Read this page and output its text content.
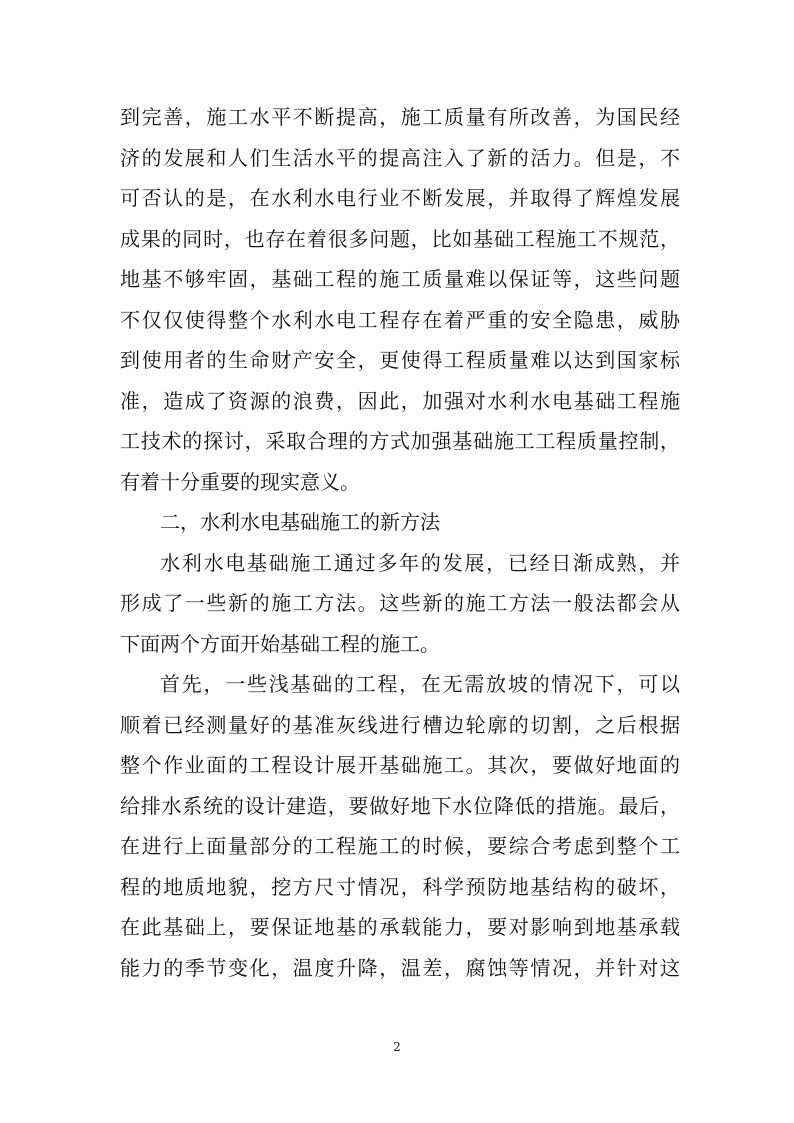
到完善，施工水平不断提高，施工质量有所改善，为国民经
济的发展和人们生活水平的提高注入了新的活力。但是，不
可否认的是，在水利水电行业不断发展，并取得了辉煌发展
成果的同时，也存在着很多问题，比如基础工程施工不规范，
地基不够牢固，基础工程的施工质量难以保证等，这些问题
不仅仅使得整个水利水电工程存在着严重的安全隐患，威胁
到使用者的生命财产安全，更使得工程质量难以达到国家标
准，造成了资源的浪费，因此，加强对水利水电基础工程施
工技术的探讨，采取合理的方式加强基础施工工程质量控制，
有着十分重要的现实意义。
二，水利水电基础施工的新方法
水利水电基础施工通过多年的发展，已经日渐成熟，并
形成了一些新的施工方法。这些新的施工方法一般法都会从
下面两个方面开始基础工程的施工。
首先，一些浅基础的工程，在无需放坡的情况下，可以
顺着已经测量好的基准灰线进行槽边轮廓的切割，之后根据
整个作业面的工程设计展开基础施工。其次，要做好地面的
给排水系统的设计建造，要做好地下水位降低的措施。最后，
在进行上面量部分的工程施工的时候，要综合考虑到整个工
程的地质地貌，挖方尺寸情况，科学预防地基结构的破坏，
在此基础上，要保证地基的承载能力，要对影响到地基承载
能力的季节变化，温度升降，温差，腐蚀等情况，并针对这
2
